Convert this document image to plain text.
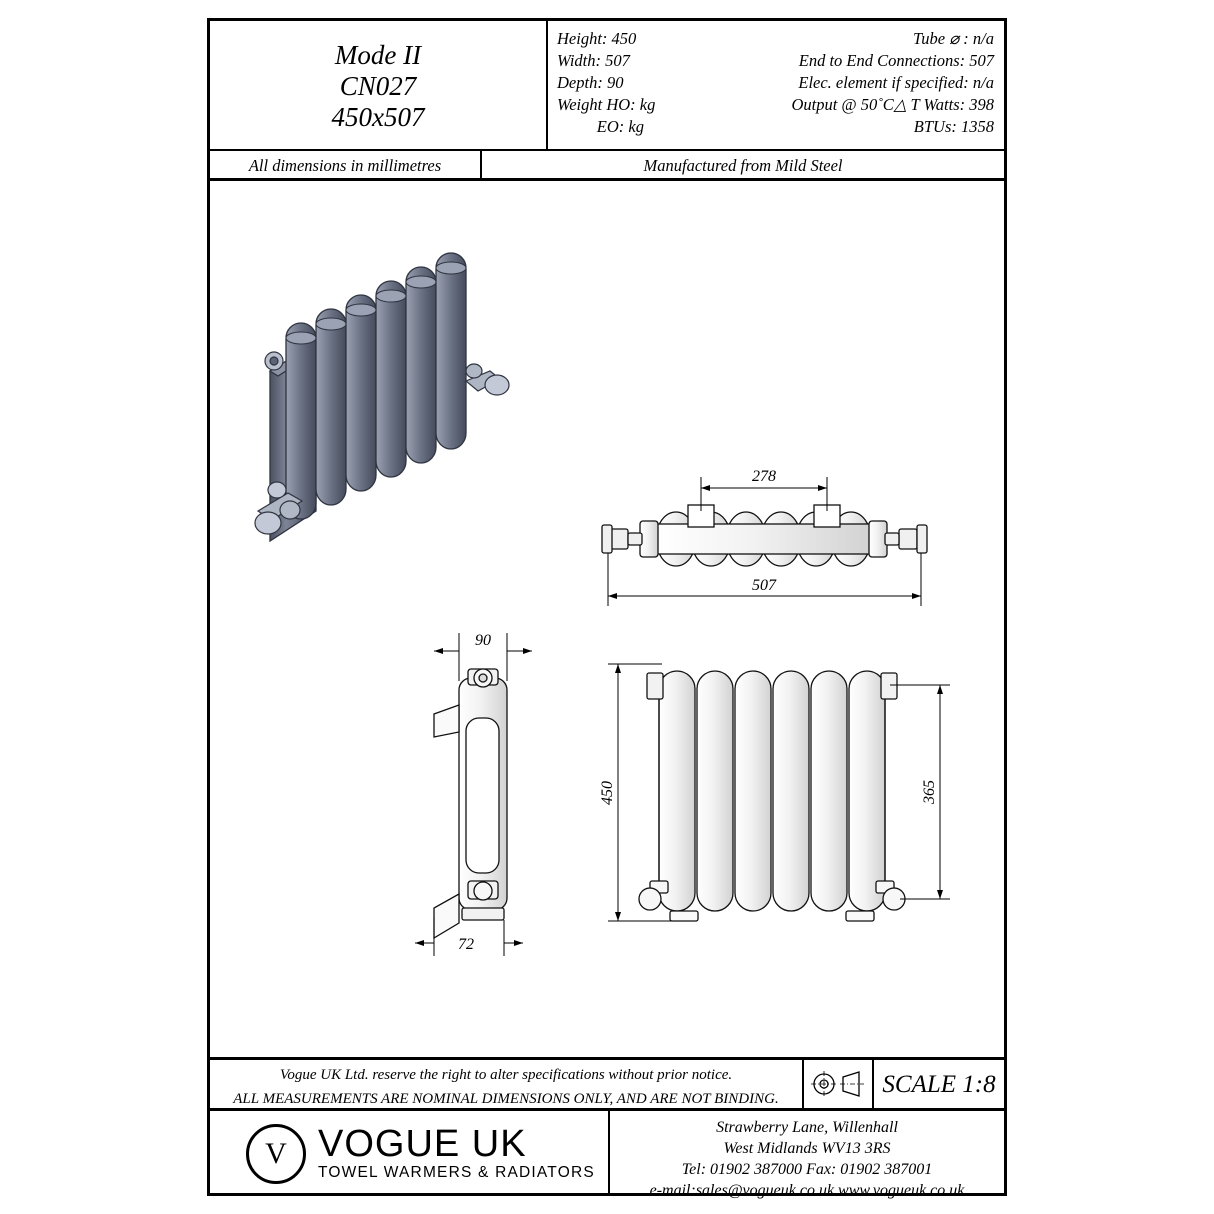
Mode II
CN027
450x507
Height: 450
Width: 507
Depth: 90
Weight HO: kg
EO: kg
Tube ⌀ : n/a
End to End Connections: 507
Elec. element if specified: n/a
Output @ 50˚C△ T Watts: 398
BTUs: 1358
All dimensions in millimetres	Manufactured from Mild Steel
278
507
90
72
450	365
Vogue UK Ltd. reserve the right to alter specifications without prior notice.
ALL MEASUREMENTS ARE NOMINAL DIMENSIONS ONLY, AND ARE NOT BINDING.
SCALE 1:8
V VOGUE UK
TOWEL WARMERS & RADIATORS
Strawberry Lane, Willenhall
West Midlands WV13 3RS
Tel: 01902 387000 Fax: 01902 387001
e-mail:sales@vogueuk.co.uk www.vogueuk.co.uk
